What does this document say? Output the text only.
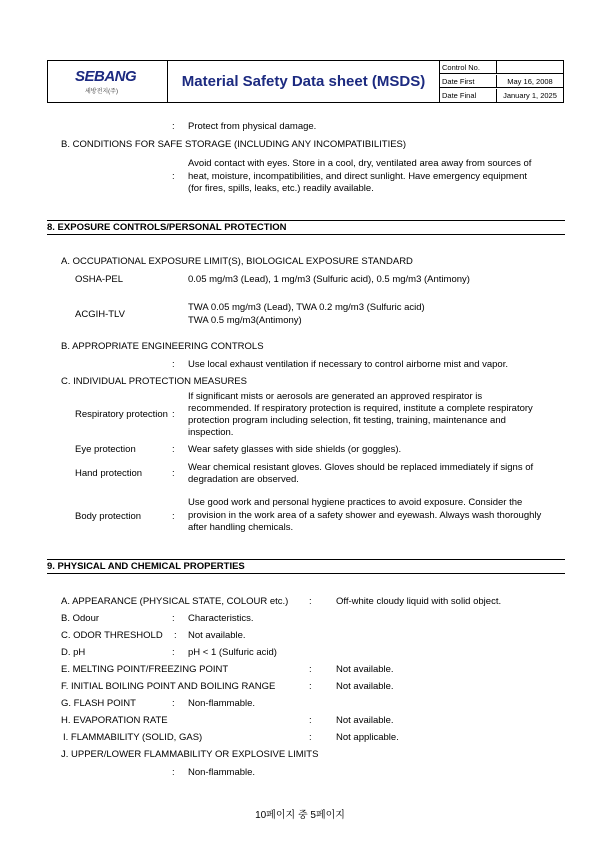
SEBANG
세방전지(주)
Material Safety Data sheet (MSDS)
Control No.
Date First	May 16, 2008
Date Final	January 1, 2025
: Protect from physical damage.
B. CONDITIONS FOR SAFE STORAGE (INCLUDING ANY INCOMPATIBILITIES)
Avoid contact with eyes. Store in a cool, dry, ventilated area away from sources of
: heat, moisture, incompatibilities, and direct sunlight. Have emergency equipment
(for fires, spills, leaks, etc.) readily available.
8. EXPOSURE CONTROLS/PERSONAL PROTECTION
A. OCCUPATIONAL EXPOSURE LIMIT(S), BIOLOGICAL EXPOSURE STANDARD
OSHA-PEL	0.05 mg/m3 (Lead), 1 mg/m3 (Sulfuric acid), 0.5 mg/m3 (Antimony)
ACGIH-TLV
TWA 0.05 mg/m3 (Lead), TWA 0.2 mg/m3 (Sulfuric acid)
TWA 0.5 mg/m3(Antimony)
B. APPROPRIATE ENGINEERING CONTROLS
: Use local exhaust ventilation if necessary to control airborne mist and vapor.
C. INDIVIDUAL PROTECTION MEASURES
Respiratory protection :
If significant mists or aerosols are generated an approved respirator is
recommended. If respiratory protection is required, institute a complete respiratory
protection program including selection, fit testing, training, maintenance and
inspection.
Eye protection	: Wear safety glasses with side shields (or goggles).
Hand protection	:
Wear chemical resistant gloves. Gloves should be replaced immediately if signs of
degradation are observed.
Body protection	:
Use good work and personal hygiene practices to avoid exposure. Consider the
provision in the work area of a safety shower and eyewash. Always wash thoroughly
after handling chemicals.
9. PHYSICAL AND CHEMICAL PROPERTIES
A. APPEARANCE (PHYSICAL STATE, COLOUR etc.) :	Off-white cloudy liquid with solid object.
B. Odour	: Characteristics.
C. ODOR THRESHOLD : Not available.
D. pH	: pH < 1 (Sulfuric acid)
E. MELTING POINT/FREEZING POINT	:	Not available.
F. INITIAL BOILING POINT AND BOILING RANGE	:	Not available.
G. FLASH POINT	: Non-flammable.
H. EVAPORATION RATE	:	Not available.
I. FLAMMABILITY (SOLID, GAS)	:	Not applicable.
J. UPPER/LOWER FLAMMABILITY OR EXPLOSIVE LIMITS
: Non-flammable.
10페이지 중 5페이지
